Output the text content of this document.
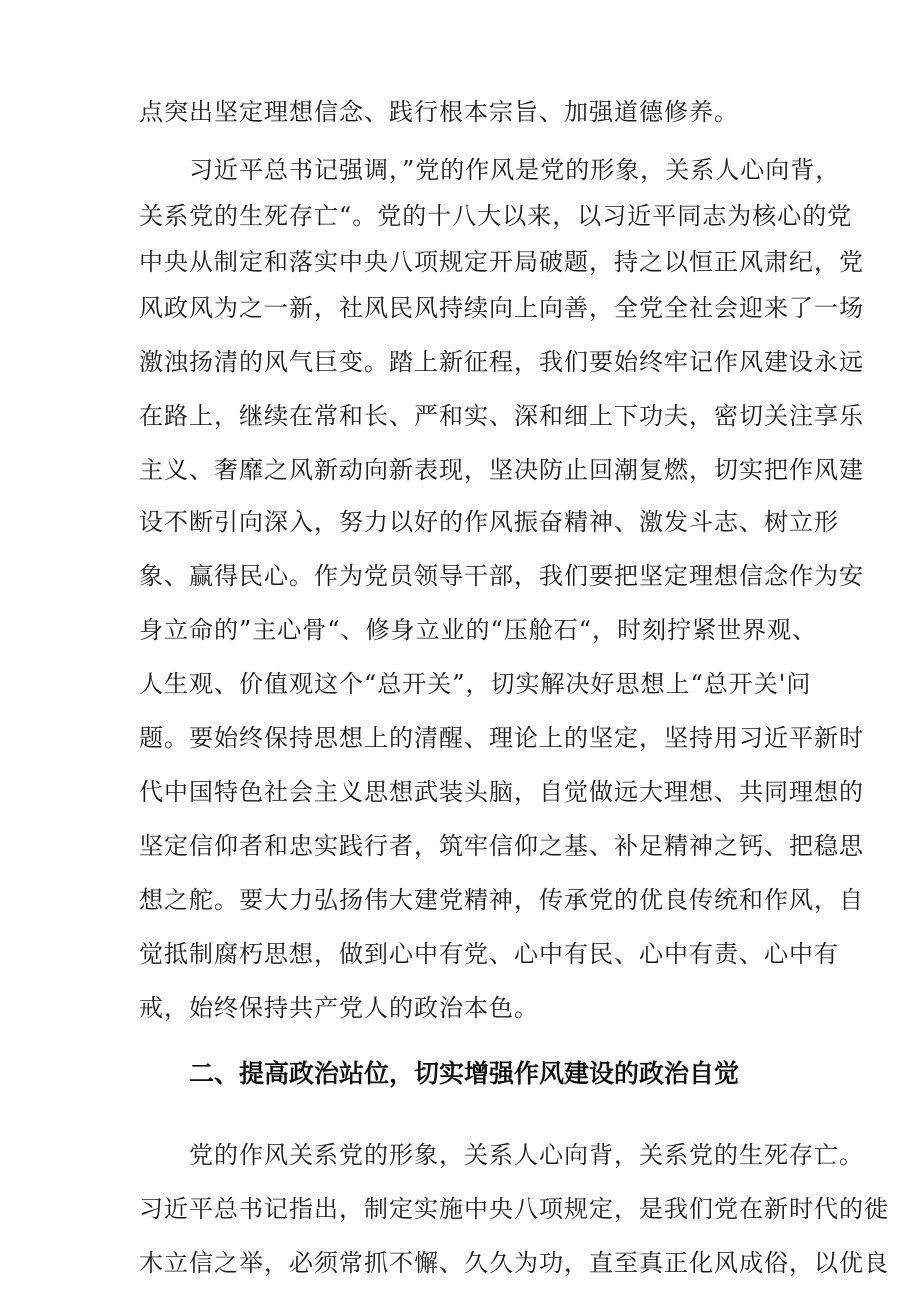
点突出坚定理想信念、践行根本宗旨、加强道德修养。
习近平总书记强调，”党的作风是党的形象，关系人心向背，
关系党的生死存亡“。党的十八大以来，以习近平同志为核心的党
中央从制定和落实中央八项规定开局破题，持之以恒正风肃纪，党
风政风为之一新，社风民风持续向上向善，全党全社会迎来了一场
激浊扬清的风气巨变。踏上新征程，我们要始终牢记作风建设永远
在路上，继续在常和长、严和实、深和细上下功夫，密切关注享乐
主义、奢靡之风新动向新表现，坚决防止回潮复燃，切实把作风建
设不断引向深入，努力以好的作风振奋精神、激发斗志、树立形
象、赢得民心。作为党员领导干部，我们要把坚定理想信念作为安
身立命的”主心骨“、修身立业的“压舱石“，时刻拧紧世界观、
人生观、价值观这个“总开关”，切实解决好思想上“总开关'问
题。要始终保持思想上的清醒、理论上的坚定，坚持用习近平新时
代中国特色社会主义思想武装头脑，自觉做远大理想、共同理想的
坚定信仰者和忠实践行者，筑牢信仰之基、补足精神之钙、把稳思
想之舵。要大力弘扬伟大建党精神，传承党的优良传统和作风，自
觉抵制腐朽思想，做到心中有党、心中有民、心中有责、心中有
戒，始终保持共产党人的政治本色。
二、提高政治站位，切实增强作风建设的政治自觉
党的作风关系党的形象，关系人心向背，关系党的生死存亡。
习近平总书记指出，制定实施中央八项规定，是我们党在新时代的徙
木立信之举，必须常抓不懈、久久为功，直至真正化风成俗，以优良
